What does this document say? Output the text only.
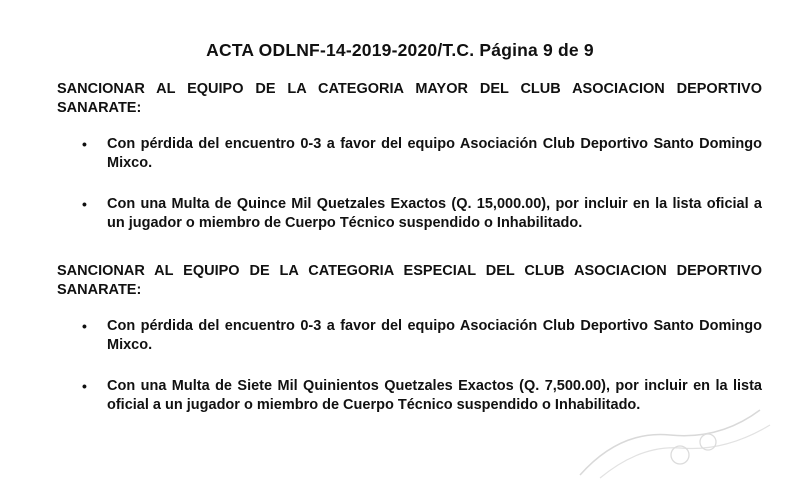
ACTA ODLNF-14-2019-2020/T.C. Página 9 de 9
SANCIONAR AL EQUIPO DE LA CATEGORIA MAYOR DEL CLUB ASOCIACION DEPORTIVO SANARATE:
• Con pérdida del encuentro 0-3 a favor del equipo Asociación Club Deportivo Santo Domingo Mixco.
• Con una Multa de Quince Mil Quetzales Exactos (Q. 15,000.00), por incluir en la lista oficial a un jugador o miembro de Cuerpo Técnico suspendido o Inhabilitado.
SANCIONAR AL EQUIPO DE LA CATEGORIA ESPECIAL DEL CLUB ASOCIACION DEPORTIVO SANARATE:
• Con pérdida del encuentro 0-3 a favor del equipo Asociación Club Deportivo Santo Domingo Mixco.
• Con una Multa de Siete Mil Quinientos Quetzales Exactos (Q. 7,500.00), por incluir en la lista oficial a un jugador o miembro de Cuerpo Técnico suspendido o Inhabilitado.
